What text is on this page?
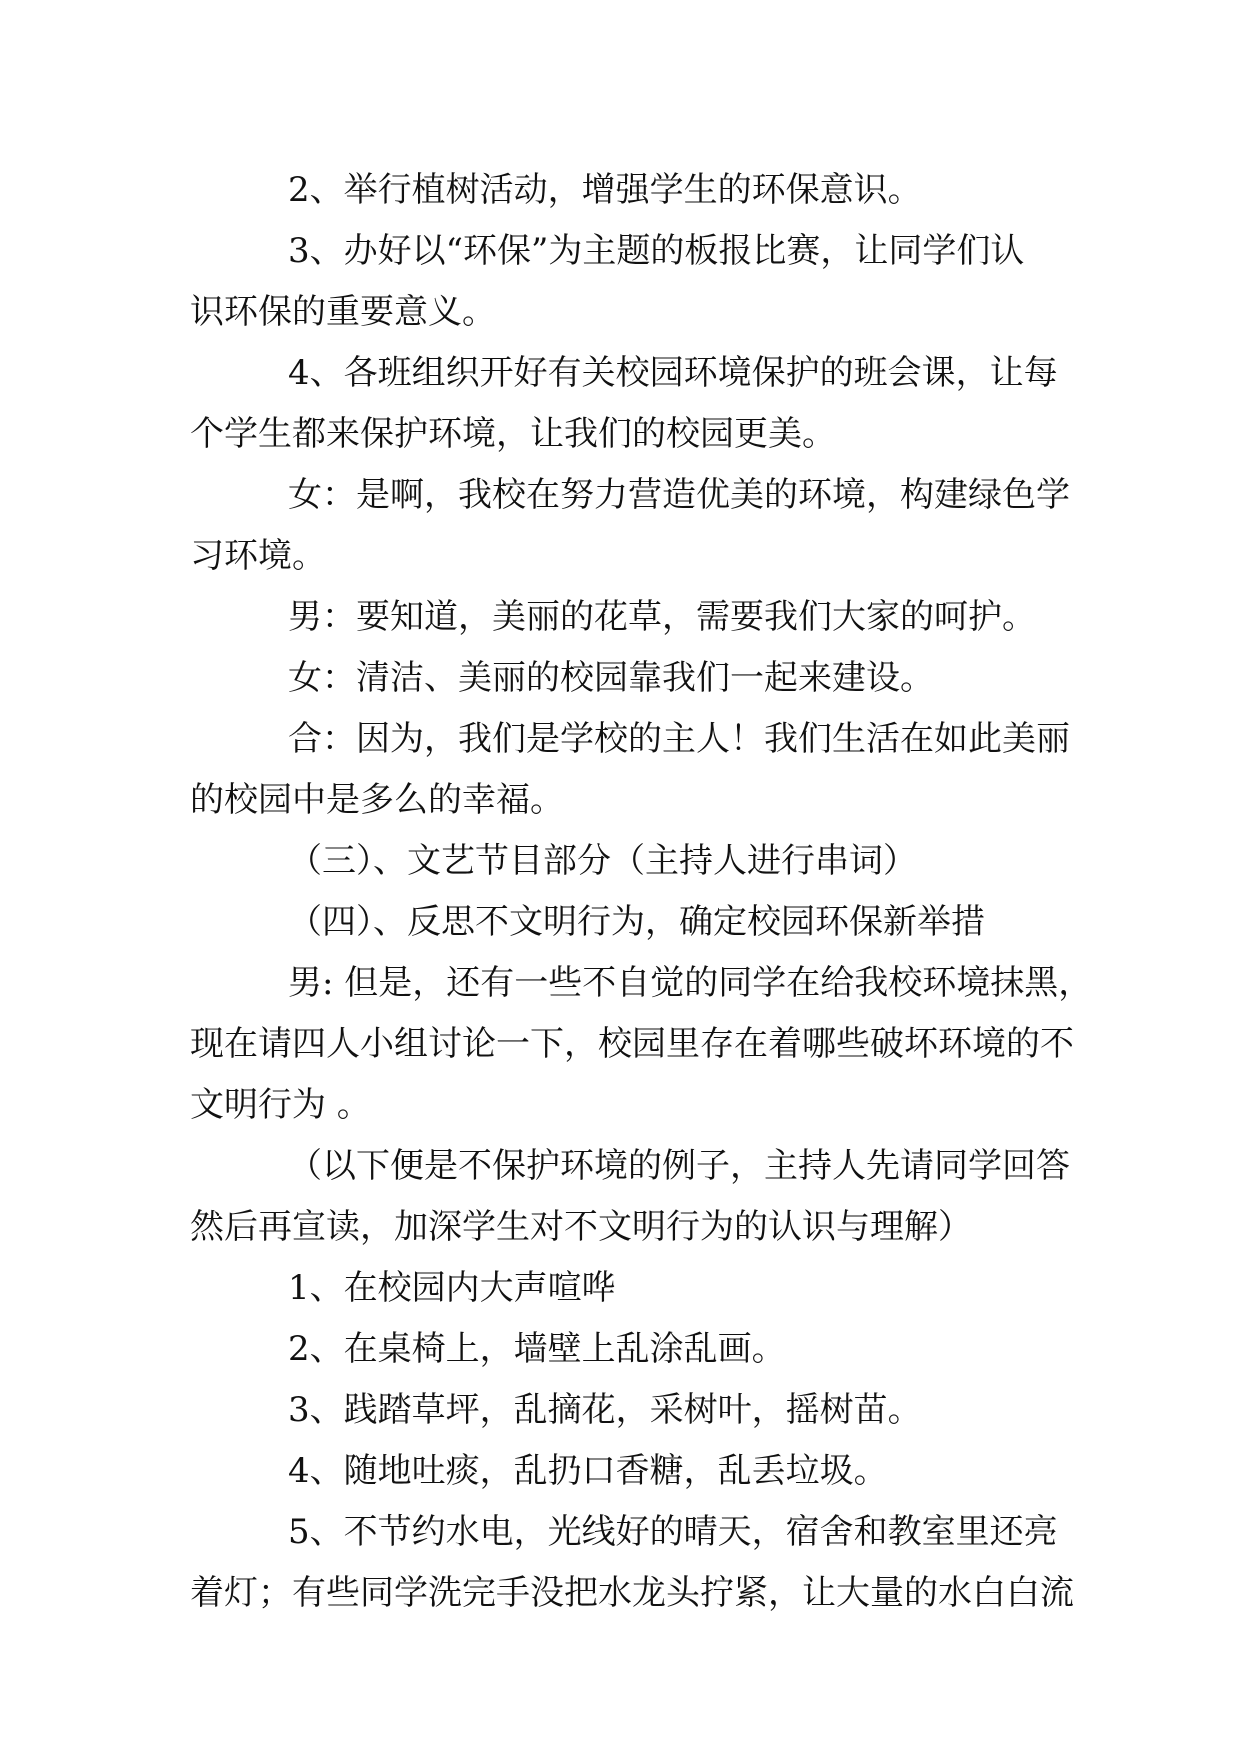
2、举行植树活动，增强学生的环保意识。

3、办好以“环保”为主题的板报比赛，让同学们认
识环保的重要意义。

4、各班组织开好有关校园环境保护的班会课，让每
个学生都来保护环境，让我们的校园更美。

女：是啊，我校在努力营造优美的环境，构建绿色学
习环境。

男：要知道，美丽的花草，需要我们大家的呵护。

女：清洁、美丽的校园靠我们一起来建设。

合：因为，我们是学校的主人！我们生活在如此美丽
的校园中是多么的幸福。

（三）、文艺节目部分（主持人进行串词）

（四）、反思不文明行为，确定校园环保新举措

男: 但是，还有一些不自觉的同学在给我校环境抹黑，
现在请四人小组讨论一下，校园里存在着哪些破坏环境的不
文明行为 。

（以下便是不保护环境的例子，主持人先请同学回答
然后再宣读，加深学生对不文明行为的认识与理解）

1、在校园内大声喧哗

2、在桌椅上，墙壁上乱涂乱画。

3、践踏草坪，乱摘花，采树叶，摇树苗。

4、随地吐痰，乱扔口香糖，乱丢垃圾。

5、不节约水电，光线好的晴天，宿舍和教室里还亮
着灯；有些同学洗完手没把水龙头拧紧，让大量的水白白流
